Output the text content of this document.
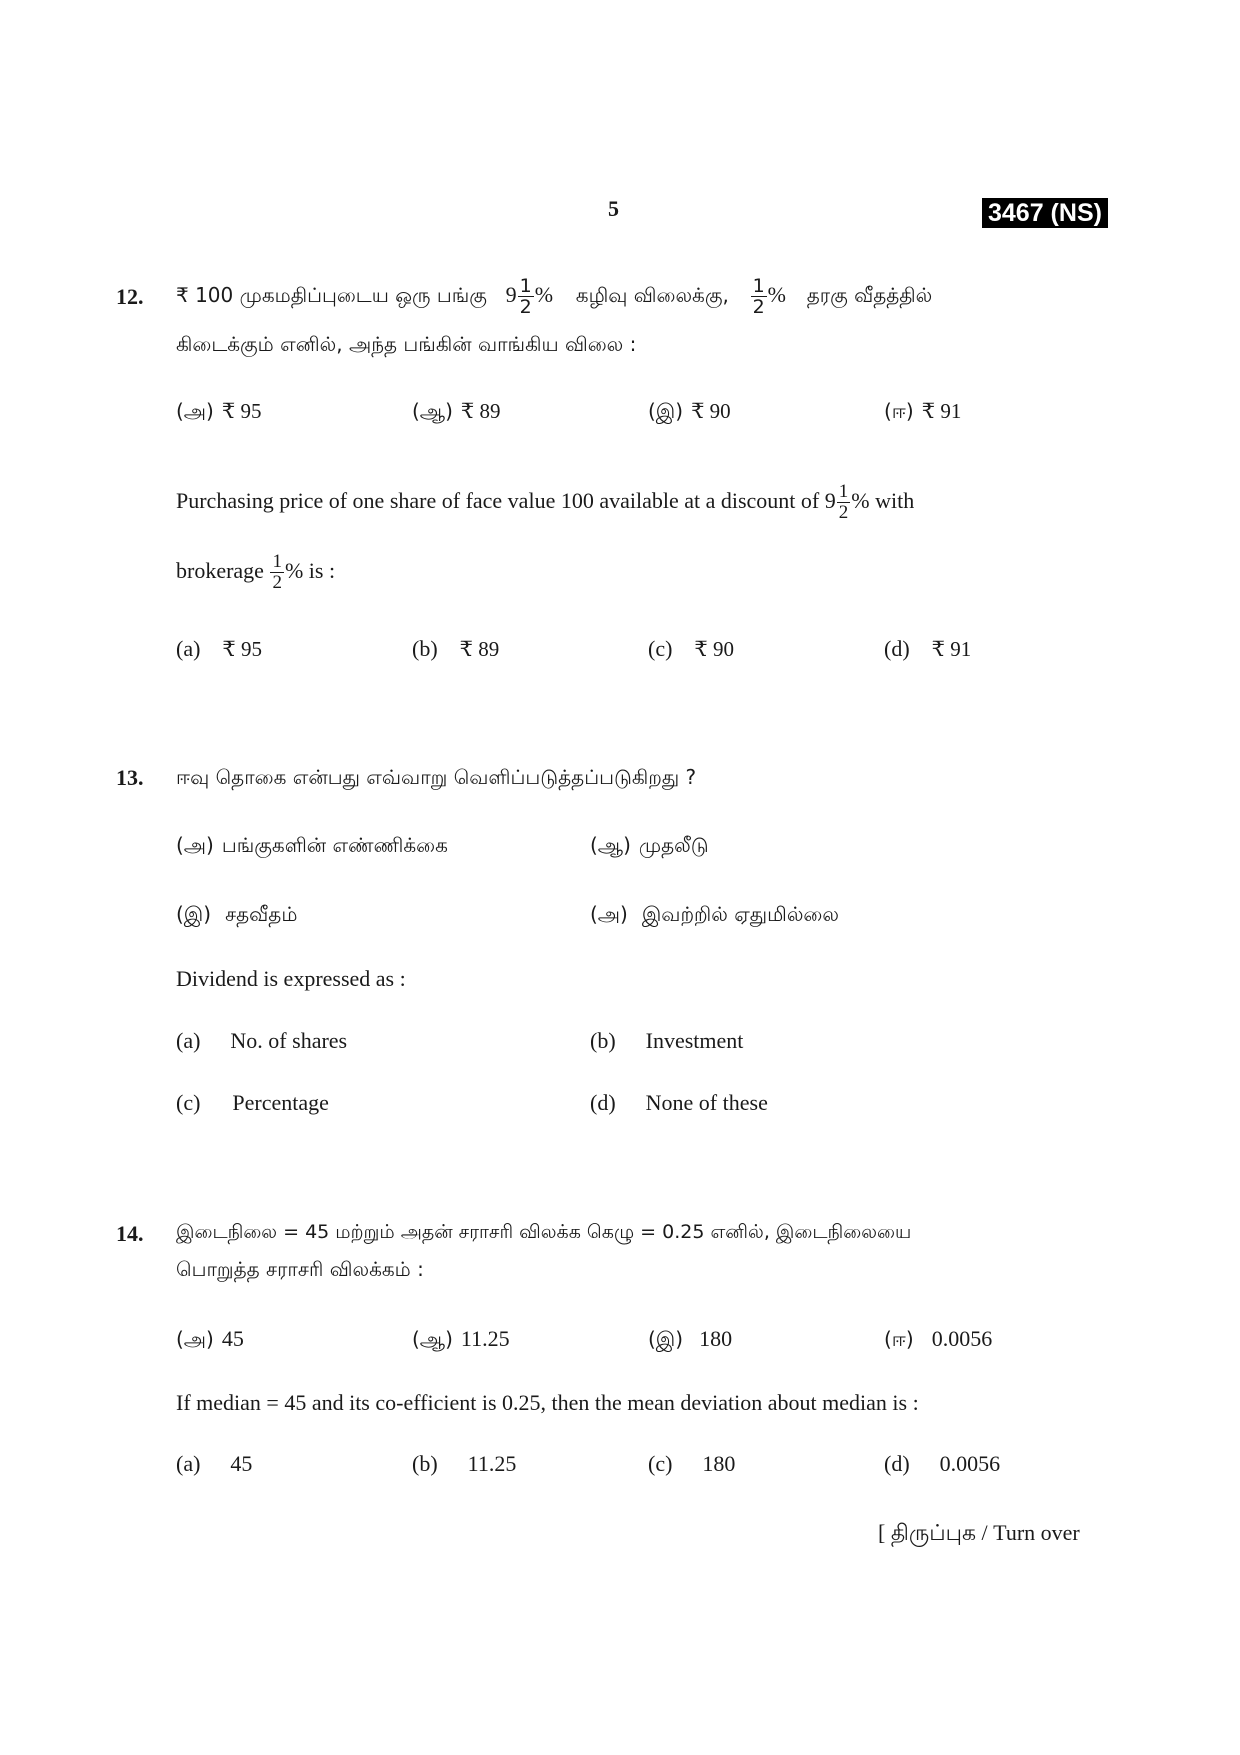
5	3467 (NS)
12. ₹ 100 முகமதிப்புடைய ஒரு பங்கு $9 \frac{1}{2}$ % கழிவு விலைக்கு, $\frac{1}{2}$ % தரகு வீதத்தில்
கிடைக்கும் எனில், அந்த பங்கின் வாங்கிய விலை :
(அ) ₹ 95	(ஆ) ₹ 89	(இ) ₹ 90	(ஈ) ₹ 91
Purchasing price of one share of face value 100 available at a discount of $9 \frac{1}{2}$ % with
brokerage $\frac{1}{2}$ % is :
(a) ₹ 95	(b) ₹ 89	(c) ₹ 90	(d) ₹ 91
13. ஈவு தொகை என்பது எவ்வாறு வெளிப்படுத்தப்படுகிறது ?
(அ) பங்குகளின் எண்ணிக்கை	(ஆ) முதலீடு
(இ) சதவீதம்	(அ) இவற்றில் ஏதுமில்லை
Dividend is expressed as :
(a) No. of shares	(b) Investment
(c) Percentage	(d) None of these
14. இடைநிலை = 45 மற்றும் அதன் சராசரி விலக்க கெழு = 0.25 எனில், இடைநிலையை
பொறுத்த சராசரி விலக்கம் :
(அ) 45	(ஆ) 11.25	(இ) 180	(ஈ) 0.0056
If median = 45 and its co-efficient is 0.25, then the mean deviation about median is :
(a) 45	(b) 11.25	(c) 180	(d) 0.0056
[ திருப்புக / Turn over
